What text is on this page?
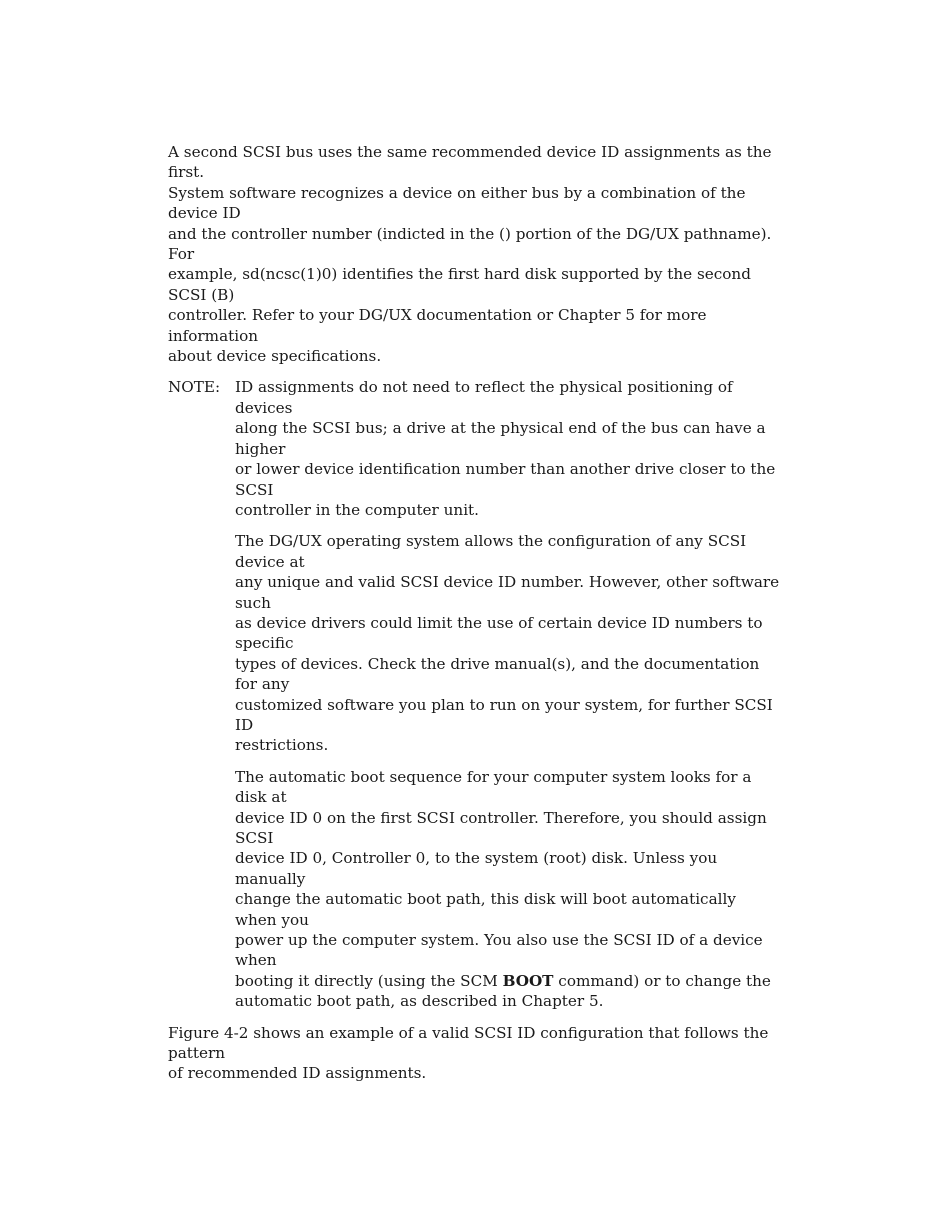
A second SCSI bus uses the same recommended device ID assignments as the first.
System software recognizes a device on either bus by a combination of the device ID
and the controller number (indicted in the () portion of the DG/UX pathname). For
example, sd(ncsc(1)0) identifies the first hard disk supported by the second SCSI (B)
controller. Refer to your DG/UX documentation or Chapter 5 for more information
about device specifications.

NOTE: ID assignments do not need to reflect the physical positioning of devices
along the SCSI bus; a drive at the physical end of the bus can have a higher
or lower device identification number than another drive closer to the SCSI
controller in the computer unit.

The DG/UX operating system allows the configuration of any SCSI device at
any unique and valid SCSI device ID number. However, other software such
as device drivers could limit the use of certain device ID numbers to specific
types of devices. Check the drive manual(s), and the documentation for any
customized software you plan to run on your system, for further SCSI ID
restrictions.

The automatic boot sequence for your computer system looks for a disk at
device ID 0 on the first SCSI controller. Therefore, you should assign SCSI
device ID 0, Controller 0, to the system (root) disk. Unless you manually
change the automatic boot path, this disk will boot automatically when you
power up the computer system. You also use the SCSI ID of a device when
booting it directly (using the SCM BOOT command) or to change the
automatic boot path, as described in Chapter 5.

Figure 4-2 shows an example of a valid SCSI ID configuration that follows the pattern
of recommended ID assignments.
